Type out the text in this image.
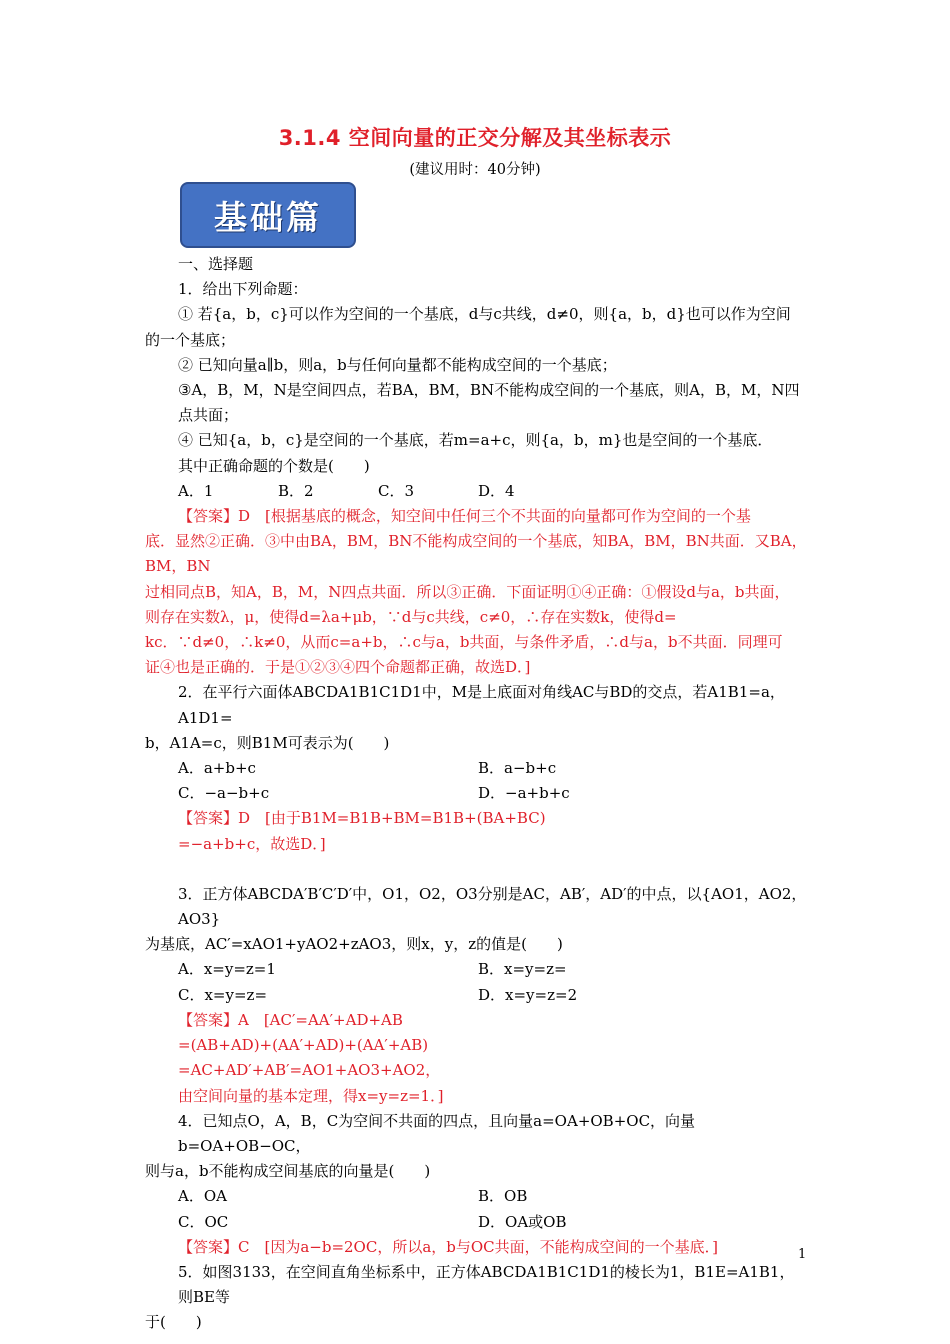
3.1.4 空间向量的正交分解及其坐标表示
(建议用时：40分钟)
基础篇

一、选择题

1．给出下列命题：

① 若{a，b，c}可以作为空间的一个基底，d与c共线，d≠0，则{a，b，d}也可以作为空间

的一个基底；

② 已知向量a∥b，则a，b与任何向量都不能构成空间的一个基底；

③A，B，M，N是空间四点，若BA，BM，BN不能构成空间的一个基底，则A，B，M，N四点共面；

④ 已知{a，b，c}是空间的一个基底，若m=a+c，则{a，b，m}也是空间的一个基底．

其中正确命题的个数是(　　)

A．1	B．2	C．3	D．4

【答案】D　[根据基底的概念，知空间中任何三个不共面的向量都可作为空间的一个基

底．显然②正确．③中由BA，BM，BN不能构成空间的一个基底，知BA，BM，BN共面．又BA，BM，BN

过相同点B，知A，B，M，N四点共面．所以③正确．下面证明①④正确：①假设d与a，b共面，

则存在实数λ，μ，使得d=λa+μb，∵d与c共线，c≠0，∴存在实数k，使得d=

kc．∵d≠0，∴k≠0，从而c=a+b，∴c与a，b共面，与条件矛盾，∴d与a，b不共面．同理可

证④也是正确的．于是①②③④四个命题都正确，故选D．]

2．在平行六面体ABCDA1B1C1D1中，M是上底面对角线AC与BD的交点，若A1B1=a，A1D1=

b，A1A=c，则B1M可表示为(　　)

A．a+b+c	B．a−b+c
C．−a−b+c	D．−a+b+c

【答案】D　[由于B1M=B1B+BM=B1B+(BA+BC)

=−a+b+c，故选D．]

3．正方体ABCDA′B′C′D′中，O1，O2，O3分别是AC，AB′，AD′的中点，以{AO1，AO2，AO3}

为基底，AC′=xAO1+yAO2+zAO3，则x，y，z的值是(　　)

A．x=y=z=1	B．x=y=z=
C．x=y=z=	D．x=y=z=2

【答案】A　[AC′=AA′+AD+AB

=(AB+AD)+(AA′+AD)+(AA′+AB)

=AC+AD′+AB′=AO1+AO3+AO2，

由空间向量的基本定理，得x=y=z=1．]

4．已知点O，A，B，C为空间不共面的四点，且向量a=OA+OB+OC，向量b=OA+OB−OC，

则与a，b不能构成空间基底的向量是(　　)

A．OA	B．OB
C．OC	D．OA或OB

【答案】C　[因为a−b=2OC，所以a，b与OC共面，不能构成空间的一个基底．]

5．如图3133，在空间直角坐标系中，正方体ABCDA1B1C1D1的棱长为1，B1E=A1B1，则BE等

于(　　)

1
